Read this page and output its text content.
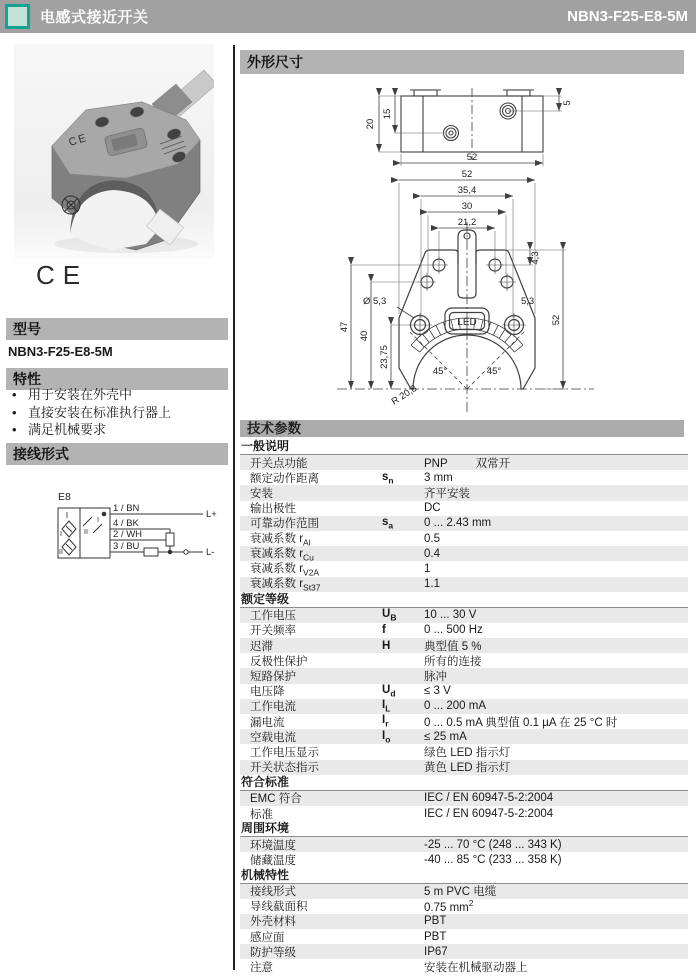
电感式接近开关	NBN3-F25-E8-5M
CE
CE
型号
NBN3-F25-E8-5M
特性
• 用于安装在外壳中
• 直接安装在标准执行器上
• 满足机械要求
接线形式
E8
I
I
II
II
I
1 / BN
4 / BK
2 / WH
3 / BU
L+
L-
外形尺寸
20
15
5
52
LED
52
35,4
30
21,2
4,3
52
47
40
23,75
Ø 5,3	5,3
45°	45°
R 20,8
技术参数
一般说明
开关点功能	PNP 双常开
额定动作距离	$s_n$	3 mm
安装	齐平安装
输出极性	DC
可靠动作范围	$s_a$	0 ... 2.43 mm
衰减系数 $r_{Al}$	0.5
衰减系数 $r_{Cu}$	0.4
衰减系数 $r_{V2A}$	1
衰减系数 $r_{St37}$	1.1
额定等级
工作电压	$U_B$	10 ... 30 V
开关频率	f	0 ... 500 Hz
迟滞	H	典型值 5 %
反极性保护	所有的连接
短路保护	脉冲
电压降	$U_d$	≤ 3 V
工作电流	$I_L$	0 ... 200 mA
漏电流	$I_r$	0 ... 0.5 mA 典型值 0.1 µA 在 25 °C 时
空载电流	$I_o$	≤ 25 mA
工作电压显示	绿色 LED 指示灯
开关状态指示	黄色 LED 指示灯
符合标准
EMC 符合	IEC / EN 60947-5-2:2004
标准	IEC / EN 60947-5-2:2004
周围环境
环境温度	-25 ... 70 °C (248 ... 343 K)
储藏温度	-40 ... 85 °C (233 ... 358 K)
机械特性
接线形式	5 m PVC 电缆
导线截面积	0.75 $mm^2$
外壳材料	PBT
感应面	PBT
防护等级	IP67
注意	安装在机械驱动器上
